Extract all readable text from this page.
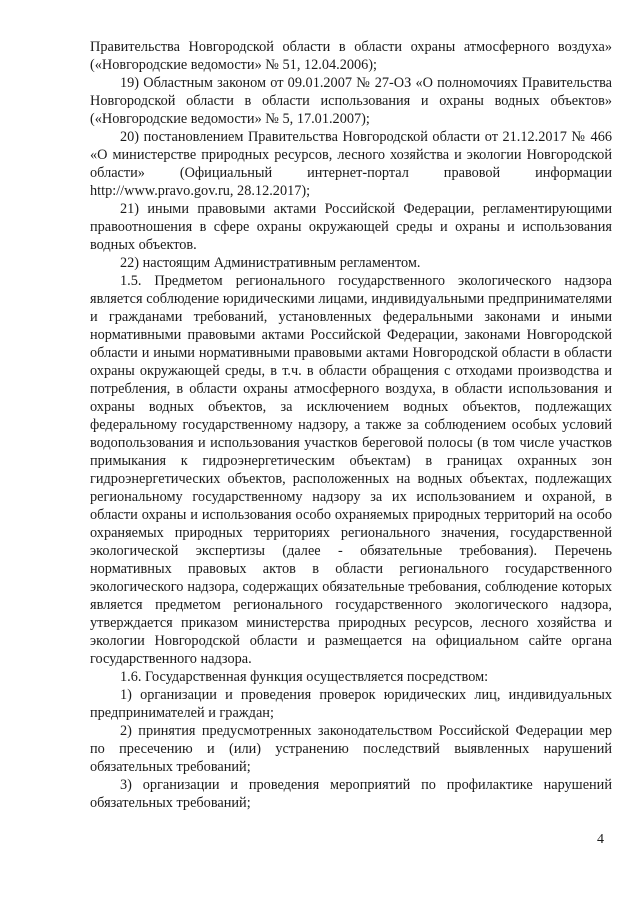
Правительства Новгородской области в области охраны атмосферного воздуха» («Новгородские ведомости» № 51, 12.04.2006);

19) Областным законом от 09.01.2007 № 27-ОЗ «О полномочиях Правительства Новгородской области в области использования и охраны водных объектов» («Новгородские ведомости» № 5, 17.01.2007);

20) постановлением Правительства Новгородской области от 21.12.2017 № 466 «О министерстве природных ресурсов, лесного хозяйства и экологии Новгородской области» (Официальный интернет-портал правовой информации http://www.pravo.gov.ru, 28.12.2017);

21) иными правовыми актами Российской Федерации, регламентирующими правоотношения в сфере охраны окружающей среды и охраны и использования водных объектов.

22) настоящим Административным регламентом.

1.5. Предметом регионального государственного экологического надзора является соблюдение юридическими лицами, индивидуальными предпринимателями и гражданами требований, установленных федеральными законами и иными нормативными правовыми актами Российской Федерации, законами Новгородской области и иными нормативными правовыми актами Новгородской области в области охраны окружающей среды, в т.ч. в области обращения с отходами производства и потребления, в области охраны атмосферного воздуха, в области использования и охраны водных объектов, за исключением водных объектов, подлежащих федеральному государственному надзору, а также за соблюдением особых условий водопользования и использования участков береговой полосы (в том числе участков примыкания к гидроэнергетическим объектам) в границах охранных зон гидроэнергетических объектов, расположенных на водных объектах, подлежащих региональному государственному надзору за их использованием и охраной, в области охраны и использования особо охраняемых природных территорий на особо охраняемых природных территориях регионального значения, государственной экологической экспертизы (далее - обязательные требования). Перечень нормативных правовых актов в области регионального государственного экологического надзора, содержащих обязательные требования, соблюдение которых является предметом регионального государственного экологического надзора, утверждается приказом министерства природных ресурсов, лесного хозяйства и экологии Новгородской области и размещается на официальном сайте органа государственного надзора.

1.6. Государственная функция осуществляется посредством:

1) организации и проведения проверок юридических лиц, индивидуальных предпринимателей и граждан;

2) принятия предусмотренных законодательством Российской Федерации мер по пресечению и (или) устранению последствий выявленных нарушений обязательных требований;

3) организации и проведения мероприятий по профилактике нарушений обязательных требований;

4
